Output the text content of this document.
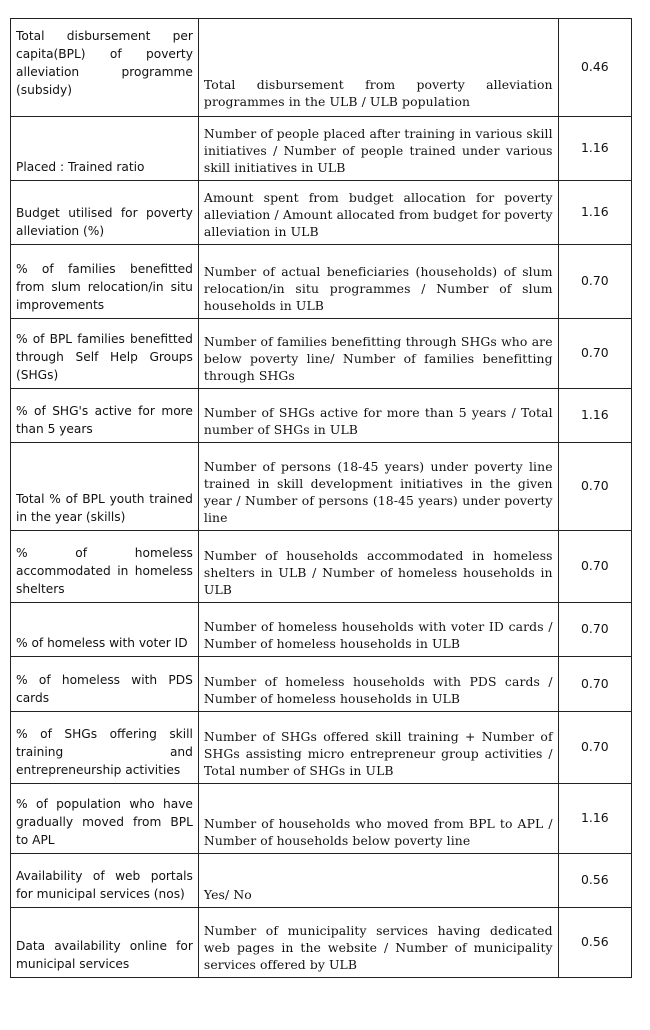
Total disbursement per capita(BPL) of poverty alleviation programme (subsidy)	Total disbursement from poverty alleviation programmes in the ULB / ULB population	0.46
Placed : Trained ratio	Number of people placed after training in various skill initiatives / Number of people trained under various skill initiatives in ULB	1.16
Budget utilised for poverty alleviation (%)	Amount spent from budget allocation for poverty alleviation / Amount allocated from budget for poverty alleviation in ULB	1.16
% of families benefitted from slum relocation/in situ improvements	Number of actual beneficiaries (households) of slum relocation/in situ programmes / Number of slum households in ULB	0.70
% of BPL families benefitted through Self Help Groups (SHGs)	Number of families benefitting through SHGs who are below poverty line/ Number of families benefitting through SHGs	0.70
% of SHG's active for more than 5 years	Number of SHGs active for more than 5 years / Total number of SHGs in ULB	1.16
Total % of BPL youth trained in the year (skills)	Number of persons (18-45 years) under poverty line trained in skill development initiatives in the given year / Number of persons (18-45 years) under poverty line	0.70
% of homeless accommodated in homeless shelters	Number of households accommodated in homeless shelters in ULB / Number of homeless households in ULB	0.70
% of homeless with voter ID	Number of homeless households with voter ID cards / Number of homeless households in ULB	0.70
% of homeless with PDS cards	Number of homeless households with PDS cards / Number of homeless households in ULB	0.70
% of SHGs offering skill training and entrepreneurship activities	Number of SHGs offered skill training + Number of SHGs assisting micro entrepreneur group activities / Total number of SHGs in ULB	0.70
% of population who have gradually moved from BPL to APL	Number of households who moved from BPL to APL / Number of households below poverty line	1.16
Availability of web portals for municipal services (nos)	Yes/ No	0.56
Data availability online for municipal services	Number of municipality services having dedicated web pages in the website / Number of municipality services offered by ULB	0.56
